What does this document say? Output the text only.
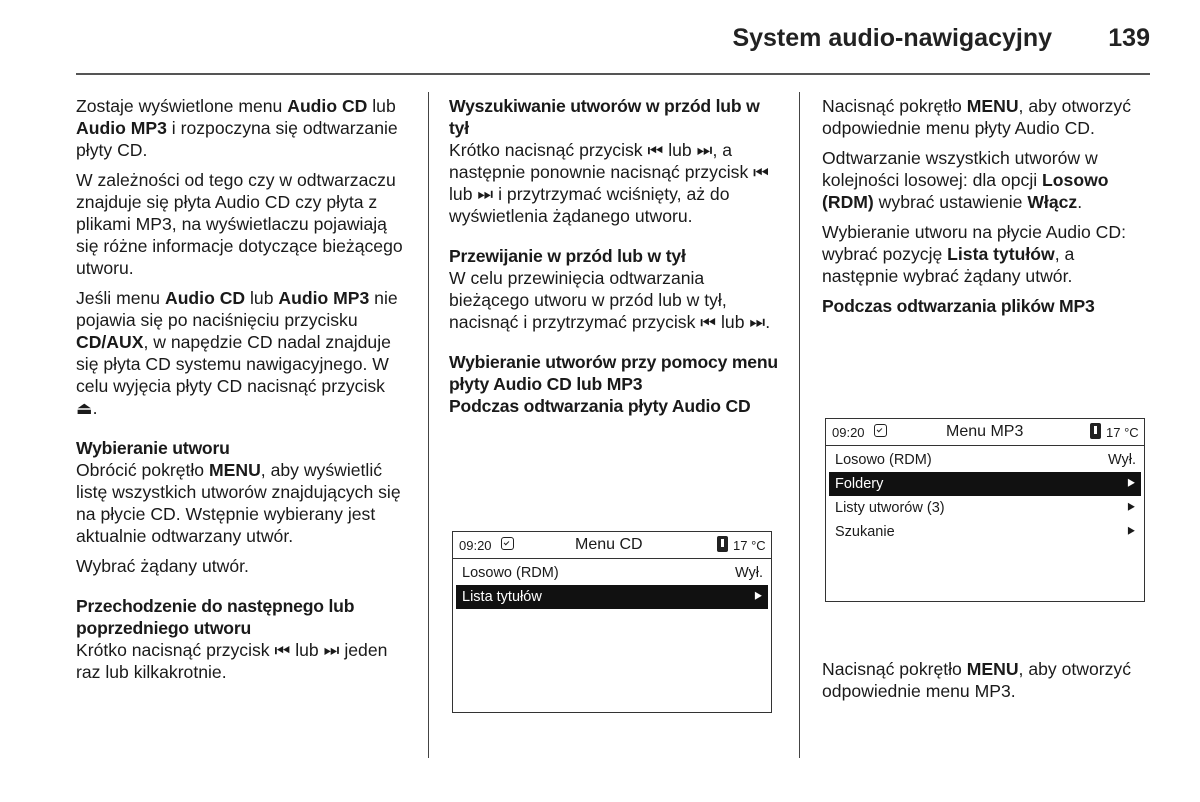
System audio-nawigacyjny 139

Zostaje wyświetlone menu Audio CD lub Audio MP3 i rozpoczyna się odtwarzanie płyty CD.

W zależności od tego czy w odtwarzaczu znajduje się płyta Audio CD czy płyta z plikami MP3, na wyświetlaczu pojawiają się różne informacje dotyczące bieżącego utworu.

Jeśli menu Audio CD lub Audio MP3 nie pojawia się po naciśnięciu przycisku CD/AUX, w napędzie CD nadal znajduje się płyta CD systemu nawigacyjnego. W celu wyjęcia płyty CD nacisnąć przycisk ⏏.

Wybieranie utworu

Obrócić pokrętło MENU, aby wyświetlić listę wszystkich utworów znajdujących się na płycie CD. Wstępnie wybierany jest aktualnie odtwarzany utwór.

Wybrać żądany utwór.

Przechodzenie do następnego lub poprzedniego utworu

Krótko nacisnąć przycisk ⏮ lub ⏭ jeden raz lub kilkakrotnie.

Wyszukiwanie utworów w przód lub w tył

Krótko nacisnąć przycisk ⏮ lub ⏭, a następnie ponownie nacisnąć przycisk ⏮ lub ⏭ i przytrzymać wciśnięty, aż do wyświetlenia żądanego utworu.

Przewijanie w przód lub w tył

W celu przewinięcia odtwarzania bieżącego utworu w przód lub w tył, nacisnąć i przytrzymać przycisk ⏮ lub ⏭.

Wybieranie utworów przy pomocy menu płyty Audio CD lub MP3

Podczas odtwarzania płyty Audio CD

09:20	Menu CD	17 °C
Losowo (RDM)	Wył.
Lista tytułów	⯈

Nacisnąć pokrętło MENU, aby otworzyć odpowiednie menu płyty Audio CD.

Odtwarzanie wszystkich utworów w kolejności losowej: dla opcji Losowo (RDM) wybrać ustawienie Włącz.

Wybieranie utworu na płycie Audio CD: wybrać pozycję Lista tytułów, a następnie wybrać żądany utwór.

Podczas odtwarzania plików MP3

09:20	Menu MP3	17 °C
Losowo (RDM)	Wył.
Foldery	⯈
Listy utworów (3)	⯈
Szukanie	⯈

Nacisnąć pokrętło MENU, aby otworzyć odpowiednie menu MP3.
